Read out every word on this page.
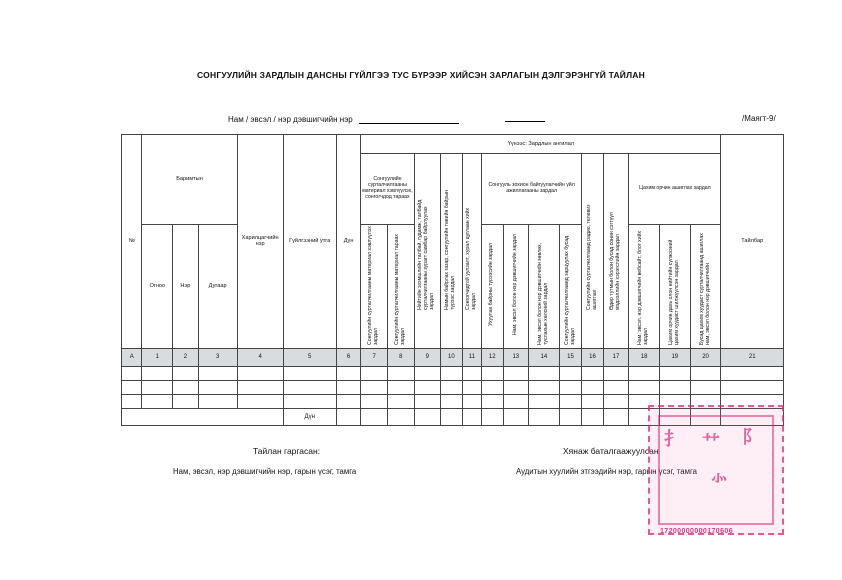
СОНГУУЛИЙН ЗАРДЛЫН ДАНСНЫ ГҮЙЛГЭЭ ТУС БҮРЭЭР ХИЙСЭН ЗАРЛАГЫН ДЭЛГЭРЭНГҮЙ ТАЙЛАН
Нам / эвсэл / нэр дэвшигчийн нэр	/Маягт-9/
№	Баримтын			Харилцагчийн нэр	Гүйлгээний утга	Дүн	Үүнээс: Зардлын ангилал														Тайлбар
							Сонгуулийн сурталчилгааны материал хэвлүүлэх, сонгогчдод тараах		Нийтийн эзэмшлийн талбай, гудамж, талбайд сурталчилгааны зурагт самбар байрлуулах зардал	Намын байрлах газар, сонгуулийн төвийн байрын түрээс зардал	Сонгогчидтой уулзалт, хурал цуглаан хийх зардал	Сонгууль зохион байгуулагчийн үйл ажиллагааны зардал				Сонгуулийн сурталчилгаанд радио, телевиз ашиглах	Өдөр тутмын болон бусад сонин сэтгүүл мэдээллийн хэрэгслийн зардал	Цахим орчин ашиглах зардал			
	Огноо	Нэр	Дугаар				Сонгуулийн сурталчилгааны материал хэвлүүлэх зардал	Сонгуулийн сурталчилгааны материал тараах зардал				Ухуулах байрны түрээсийн зардал	Нам, эвсэл болон нэр дэвшигчийн зардал	Нам, эвсэл болон нэр дэвшигчийн зөвлөх, туслахын хөлсний зардал	Сонгуулийн сурталчилгаанд зарцуулах бусад зардал			Нам, эвсэл, нэр дэвшигчийн вебсайт, блог хийх зардал	Цахим орчин дахь олон нийтийн сүлжээний цахим хуудаст шилжүүлсэн зардал	Бусад цахим хуудаст сурталчилгаанд ашиглах нам, эвсэл болон нэр дэвшигчийн	
А	1	2	3	4	5	6	7	8	9	10	11	12	13	14	15	16	17	18	19	20	21

					Дүн																
Тайлан гаргасан:
Нам, эвсэл, нэр дэвшигчийн нэр, гарын үсэг, тамга
Хянаж баталгаажуулсан
Аудитын хуулийн этгээдийн нэр, гарын үсэг, тамга
⺘ ⺿ ⻖
⺗
17200000000170606
